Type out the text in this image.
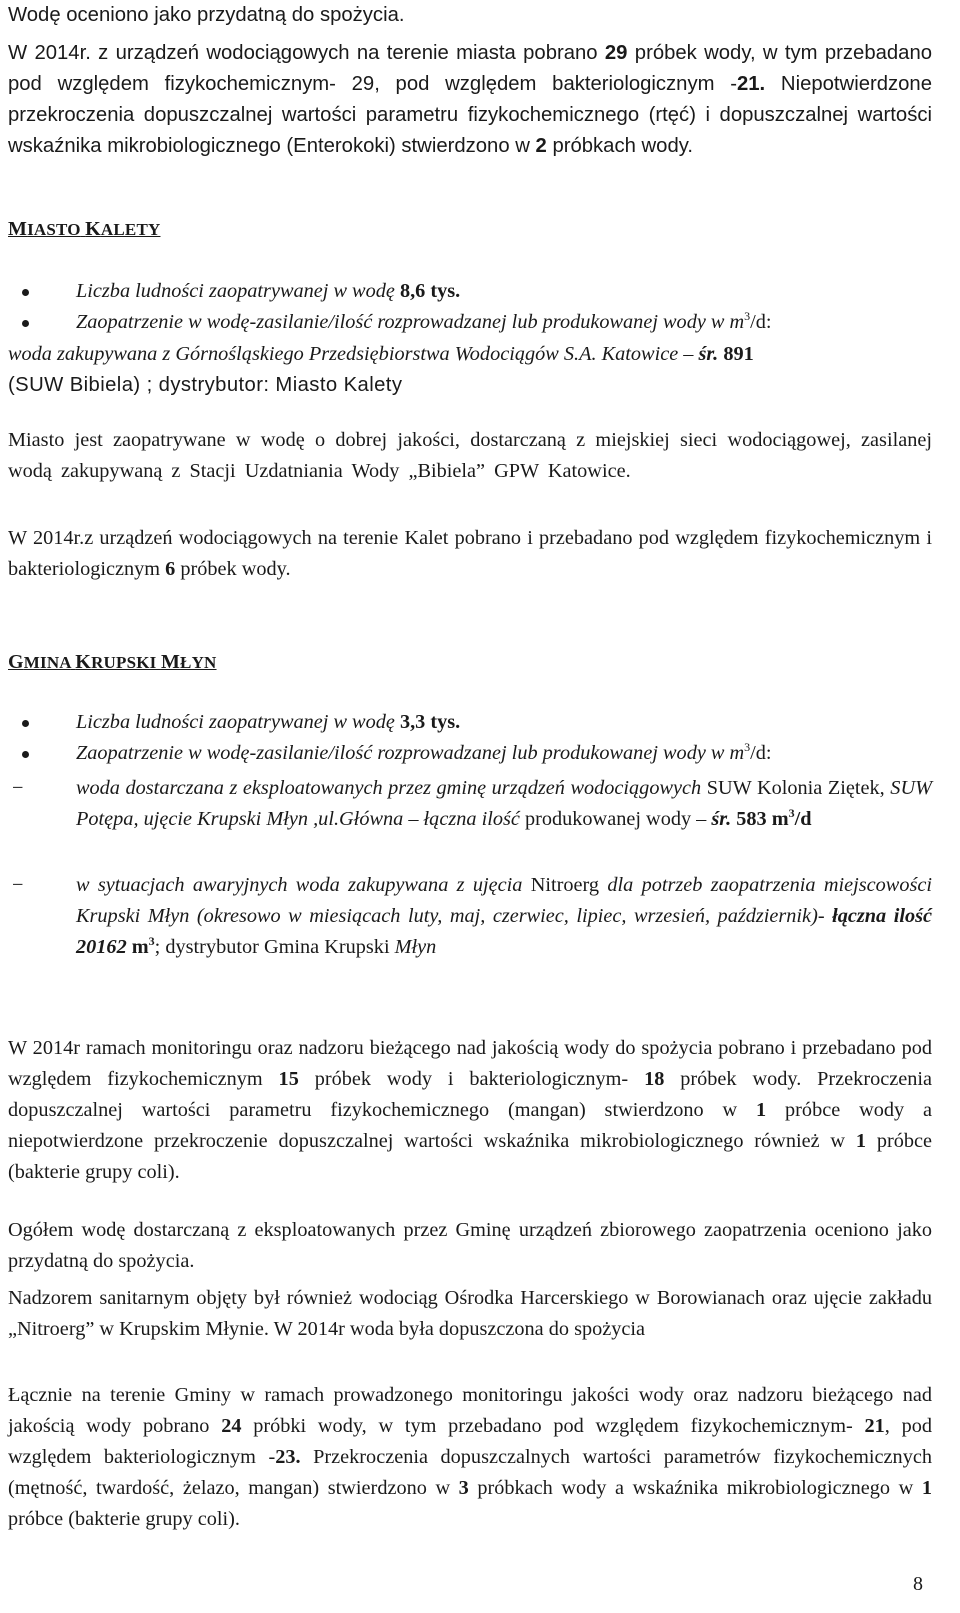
Wodę oceniono jako przydatną do spożycia.

W 2014r. z urządzeń wodociągowych na terenie miasta pobrano 29 próbek wody, w tym przebadano pod względem fizykochemicznym- 29, pod względem bakteriologicznym -21. Niepotwierdzone przekroczenia dopuszczalnej wartości parametru fizykochemicznego (rtęć) i dopuszczalnej wartości wskaźnika mikrobiologicznego (Enterokoki) stwierdzono w 2 próbkach wody.

MIASTO KALETY
Liczba ludności zaopatrywanej w wodę 8,6 tys.
Zaopatrzenie w wodę-zasilanie/ilość rozprowadzanej lub produkowanej wody w $m^3/d$:

woda zakupywana z Górnośląskiego Przedsiębiorstwa Wodociągów S.A. Katowice – śr. 891

(SUW Bibiela) ; dystrybutor: Miasto Kalety

Miasto jest zaopatrywane w wodę o dobrej jakości, dostarczaną z miejskiej sieci wodociągowej, zasilanej wodą zakupywaną z Stacji Uzdatniania Wody „Bibiela” GPW Katowice.

W 2014r.z urządzeń wodociągowych na terenie Kalet pobrano i przebadano pod względem fizykochemicznym i bakteriologicznym 6 próbek wody.

GMINA KRUPSKI MŁYN
Liczba ludności zaopatrywanej w wodę 3,3 tys.
Zaopatrzenie w wodę-zasilanie/ilość rozprowadzanej lub produkowanej wody w $m^3/d$:
−	woda dostarczana z eksploatowanych przez gminę urządzeń wodociągowych SUW Kolonia Ziętek, SUW Potępa, ujęcie Krupski Młyn ,ul.Główna – łączna ilość produkowanej wody – śr. 583 $m^3/d$
−	w sytuacjach awaryjnych woda zakupywana z ujęcia Nitroerg dla potrzeb zaopatrzenia miejscowości Krupski Młyn (okresowo w miesiącach luty, maj, czerwiec, lipiec, wrzesień, październik)- łączna ilość 20162 $m^3$; dystrybutor Gmina Krupski Młyn

W 2014r ramach monitoringu oraz nadzoru bieżącego nad jakością wody do spożycia pobrano i przebadano pod względem fizykochemicznym 15 próbek wody i bakteriologicznym- 18 próbek wody. Przekroczenia dopuszczalnej wartości parametru fizykochemicznego (mangan) stwierdzono w 1 próbce wody a niepotwierdzone przekroczenie dopuszczalnej wartości wskaźnika mikrobiologicznego również w 1 próbce (bakterie grupy coli).

Ogółem wodę dostarczaną z eksploatowanych przez Gminę urządzeń zbiorowego zaopatrzenia oceniono jako przydatną do spożycia.

Nadzorem sanitarnym objęty był również wodociąg Ośrodka Harcerskiego w Borowianach oraz ujęcie zakładu „Nitroerg” w Krupskim Młynie. W 2014r woda była dopuszczona do spożycia

Łącznie na terenie Gminy w ramach prowadzonego monitoringu jakości wody oraz nadzoru bieżącego nad jakością wody pobrano 24 próbki wody, w tym przebadano pod względem fizykochemicznym- 21, pod względem bakteriologicznym -23. Przekroczenia dopuszczalnych wartości parametrów fizykochemicznych (mętność, twardość, żelazo, mangan) stwierdzono w 3 próbkach wody a wskaźnika mikrobiologicznego w 1 próbce (bakterie grupy coli).

8
